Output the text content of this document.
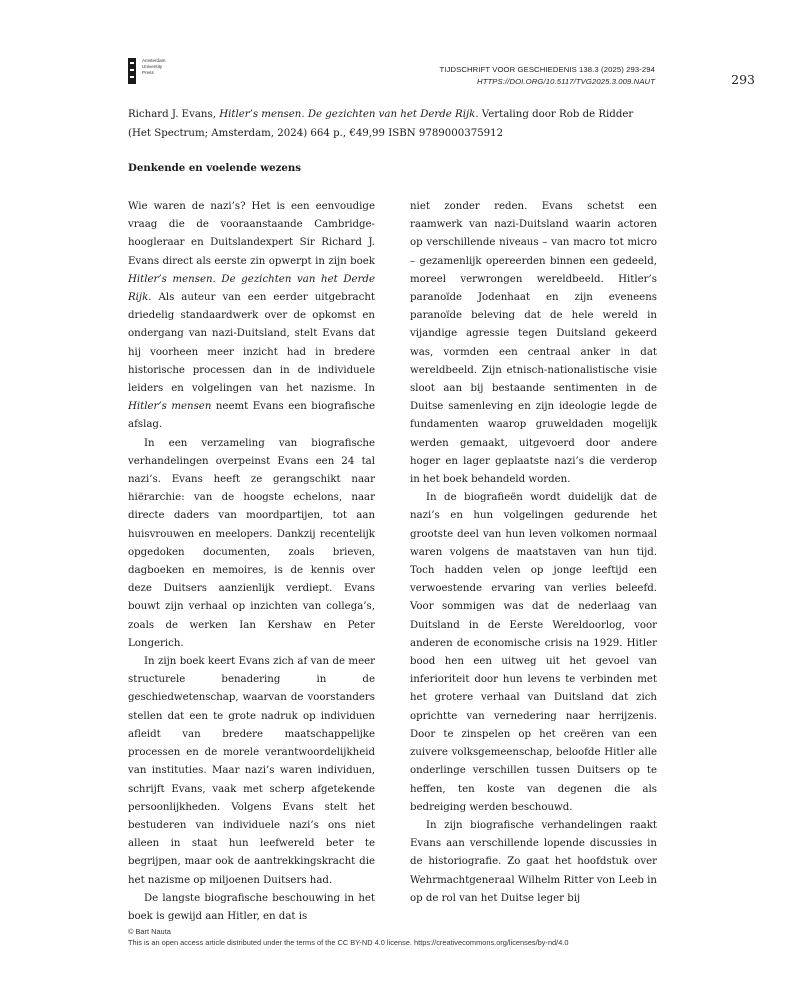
Amsterdam
University
Press	TIJDSCHRIFT VOOR GESCHIEDENIS 138.3 (2025) 293-294
HTTPS://DOI.ORG/10.5117/TVG2025.3.009.NAUT	293
Richard J. Evans, Hitler’s mensen. De gezichten van het Derde Rijk. Vertaling door Rob de Ridder (Het Spectrum; Amsterdam, 2024) 664 p., €49,99 ISBN 9789000375912
Denkende en voelende wezens

Wie waren de nazi’s? Het is een eenvoudige vraag die de vooraanstaande Cambridge-hoogleraar en Duitslandexpert Sir Richard J. Evans direct als eerste zin opwerpt in zijn boek Hitler’s mensen. De gezichten van het Derde Rijk. Als auteur van een eerder uitgebracht driedelig standaardwerk over de opkomst en ondergang van nazi-Duitsland, stelt Evans dat hij voorheen meer inzicht had in bredere historische processen dan in de individuele leiders en volgelingen van het nazisme. In Hitler’s mensen neemt Evans een biografische afslag.

In een verzameling van biografische verhandelingen overpeinst Evans een 24 tal nazi’s. Evans heeft ze gerangschikt naar hiërarchie: van de hoogste echelons, naar directe daders van moordpartijen, tot aan huisvrouwen en meelopers. Dankzij recentelijk opgedoken documenten, zoals brieven, dagboeken en memoires, is de kennis over deze Duitsers aanzienlijk verdiept. Evans bouwt zijn verhaal op inzichten van collega’s, zoals de werken Ian Kershaw en Peter Longerich.

In zijn boek keert Evans zich af van de meer structurele benadering in de geschiedwetenschap, waarvan de voorstanders stellen dat een te grote nadruk op individuen afleidt van bredere maatschappelijke processen en de morele verantwoordelijkheid van instituties. Maar nazi’s waren individuen, schrijft Evans, vaak met scherp afgetekende persoonlijkheden. Volgens Evans stelt het bestuderen van individuele nazi’s ons niet alleen in staat hun leefwereld beter te begrijpen, maar ook de aantrekkingskracht die het nazisme op miljoenen Duitsers had.

De langste biografische beschouwing in het boek is gewijd aan Hitler, en dat is

niet zonder reden. Evans schetst een raamwerk van nazi-Duitsland waarin actoren op verschillende niveaus – van macro tot micro – gezamenlijk opereerden binnen een gedeeld, moreel verwrongen wereldbeeld. Hitler’s paranoïde Jodenhaat en zijn eveneens paranoïde beleving dat de hele wereld in vijandige agressie tegen Duitsland gekeerd was, vormden een centraal anker in dat wereldbeeld. Zijn etnisch-nationalistische visie sloot aan bij bestaande sentimenten in de Duitse samenleving en zijn ideologie legde de fundamenten waarop gruweldaden mogelijk werden gemaakt, uitgevoerd door andere hoger en lager geplaatste nazi’s die verderop in het boek behandeld worden.

In de biografieën wordt duidelijk dat de nazi’s en hun volgelingen gedurende het grootste deel van hun leven volkomen normaal waren volgens de maatstaven van hun tijd. Toch hadden velen op jonge leeftijd een verwoestende ervaring van verlies beleefd. Voor sommigen was dat de nederlaag van Duitsland in de Eerste Wereldoorlog, voor anderen de economische crisis na 1929. Hitler bood hen een uitweg uit het gevoel van inferioriteit door hun levens te verbinden met het grotere verhaal van Duitsland dat zich oprichtte van vernedering naar herrijzenis. Door te zinspelen op het creëren van een zuivere volksgemeenschap, beloofde Hitler alle onderlinge verschillen tussen Duitsers op te heffen, ten koste van degenen die als bedreiging werden beschouwd.

In zijn biografische verhandelingen raakt Evans aan verschillende lopende discussies in de historiografie. Zo gaat het hoofdstuk over Wehrmachtgeneraal Wilhelm Ritter von Leeb in op de rol van het Duitse leger bij

© Bart Nauta
This is an open access article distributed under the terms of the CC BY-ND 4.0 license. https://creativecommons.org/licenses/by-nd/4.0
